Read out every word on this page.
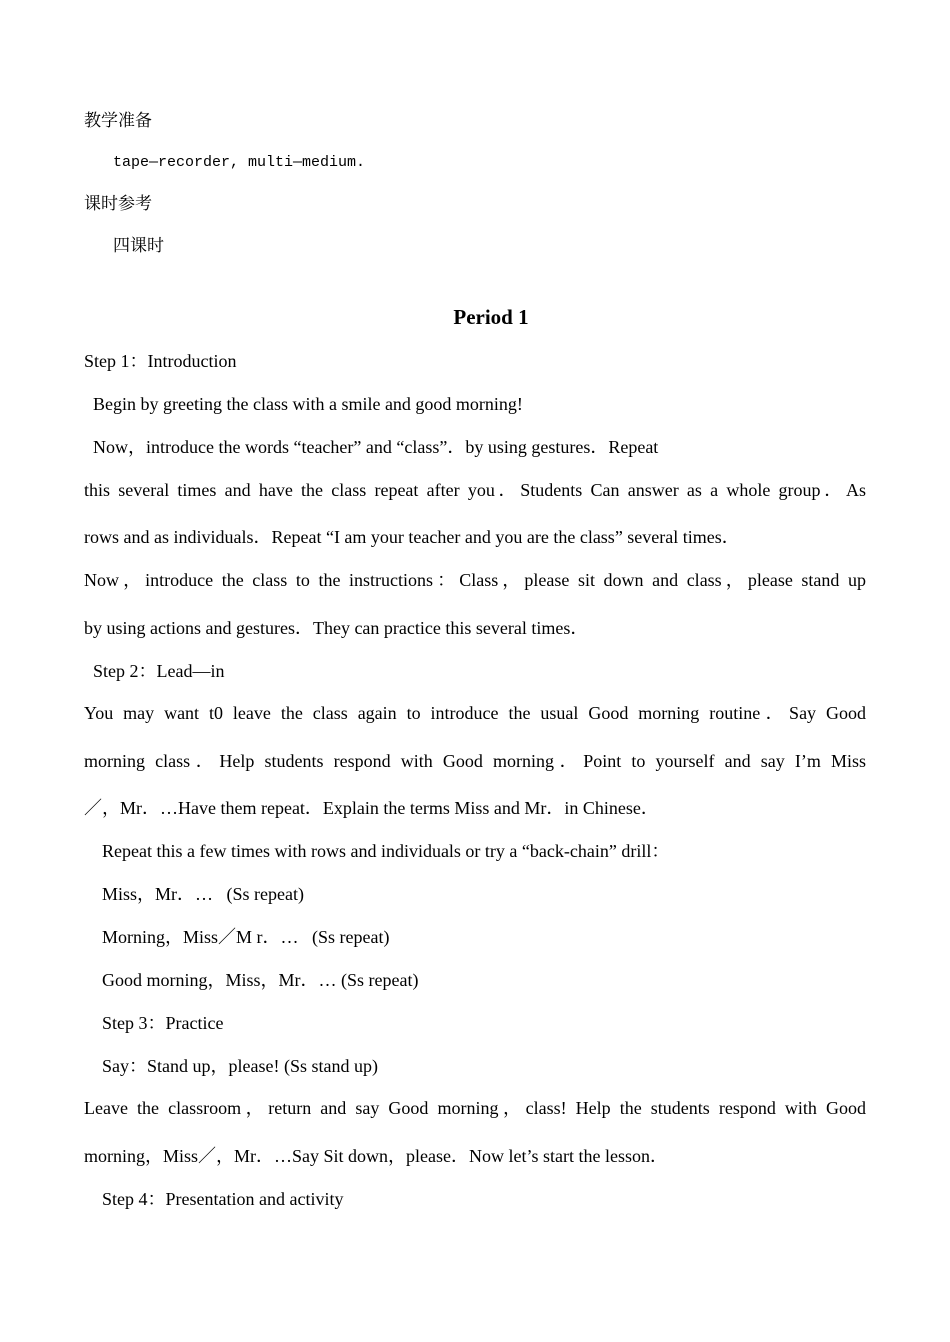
教学准备
tape—recorder, multi—medium.
课时参考
四课时
Period 1
Step 1：Introduction
Begin by greeting the class with a smile and good morning!
Now，introduce the words “teacher” and “class”．by using gestures．Repeat
this several times and have the class repeat after you．Students Can answer as a whole group．As
rows and as individuals．Repeat “I am your teacher and you are the class” several times．
Now，introduce the class to the instructions：Class，please sit down and class，please stand up
by using actions and gestures．They can practice this several times．
Step 2：Lead—in
You may want t0 leave the class again to introduce the usual Good morning routine．Say Good
morning class．Help students respond with Good morning．Point to yourself and say I’m Miss
／，Mr．…Have them repeat．Explain the terms Miss and Mr．in Chinese．
Repeat this a few times with rows and individuals or try a “back-chain” drill：
Miss，Mr．…   (Ss repeat)
Morning，Miss／M r．…   (Ss repeat)
Good morning，Miss，Mr．… (Ss repeat)
Step 3：Practice
Say：Stand up，please! (Ss stand up)
Leave the classroom，return and say Good morning，class! Help the students respond with Good
morning，Miss／，Mr．…Say Sit down，please．Now let’s start the lesson．
Step 4：Presentation and activity
